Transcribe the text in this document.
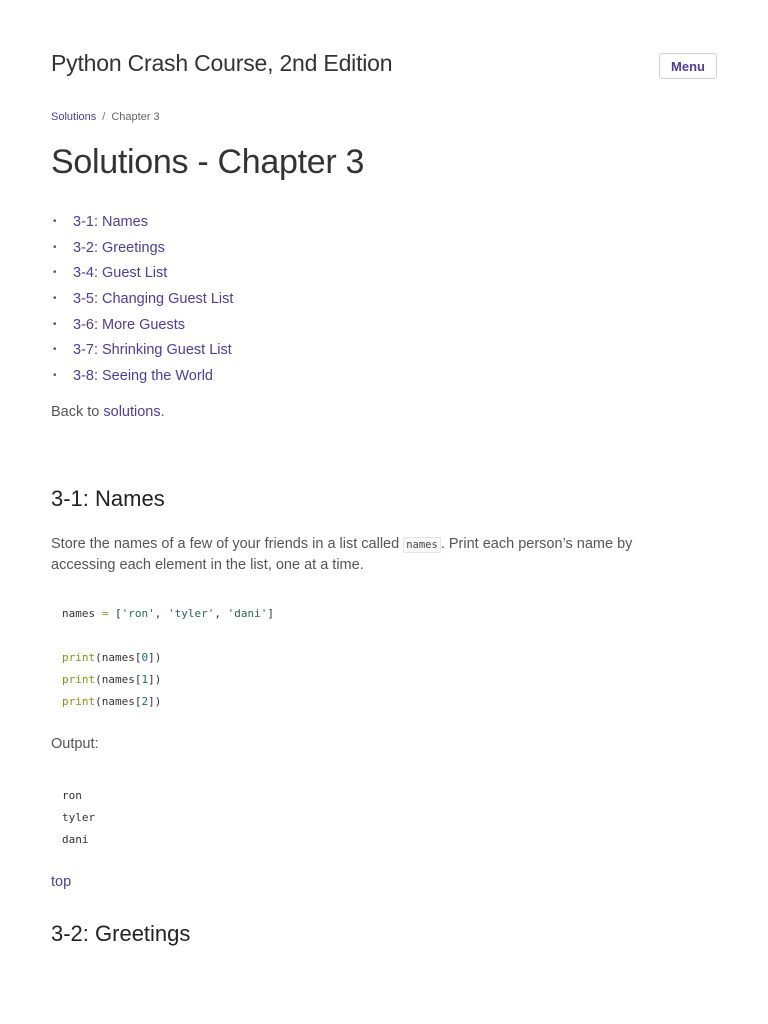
Python Crash Course, 2nd Edition	Menu
Solutions / Chapter 3
Solutions - Chapter 3
• 3-1: Names
• 3-2: Greetings
• 3-4: Guest List
• 3-5: Changing Guest List
• 3-6: More Guests
• 3-7: Shrinking Guest List
• 3-8: Seeing the World
Back to solutions.
3-1: Names

Store the names of a few of your friends in a list called names . Print each person’s name by accessing each element in the list, one at a time.

names = ['ron', 'tyler', 'dani']

print(names[0])
print(names[1])
print(names[2])
Output:
ron
tyler
dani
top
3-2: Greetings
